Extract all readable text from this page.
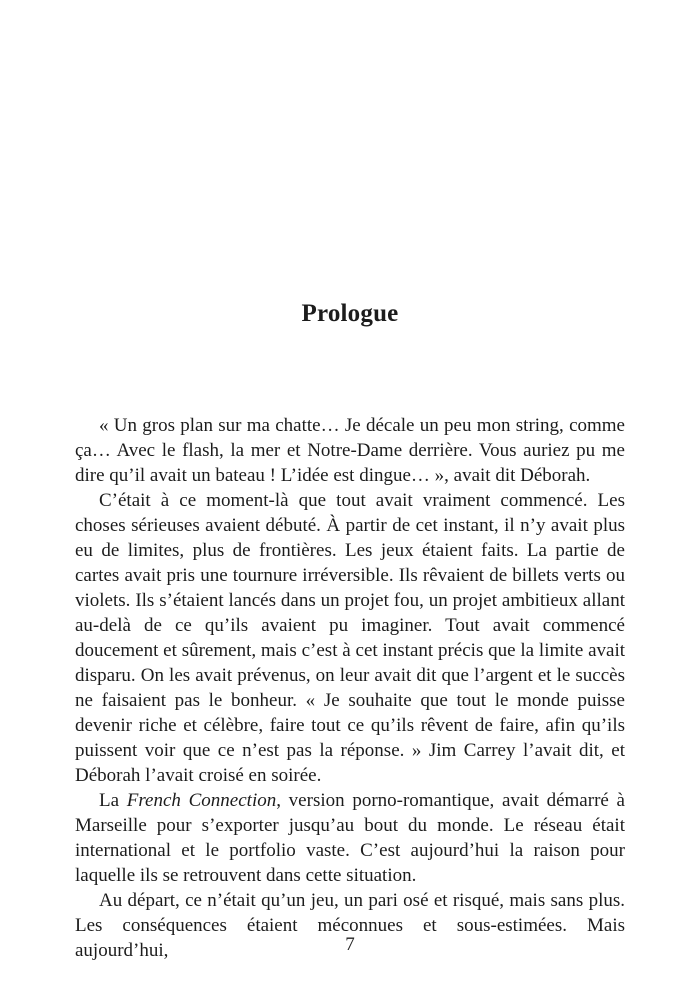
Prologue

« Un gros plan sur ma chatte… Je décale un peu mon string, comme ça… Avec le flash, la mer et Notre-Dame derrière. Vous auriez pu me dire qu’il avait un bateau ! L’idée est dingue… », avait dit Déborah.

C’était à ce moment-là que tout avait vraiment commencé. Les choses sérieuses avaient débuté. À partir de cet instant, il n’y avait plus eu de limites, plus de frontières. Les jeux étaient faits. La partie de cartes avait pris une tournure irréversible. Ils rêvaient de billets verts ou violets. Ils s’étaient lancés dans un projet fou, un projet ambitieux allant au-delà de ce qu’ils avaient pu imaginer. Tout avait commencé doucement et sûrement, mais c’est à cet instant précis que la limite avait disparu. On les avait prévenus, on leur avait dit que l’argent et le succès ne faisaient pas le bonheur. « Je souhaite que tout le monde puisse devenir riche et célèbre, faire tout ce qu’ils rêvent de faire, afin qu’ils puissent voir que ce n’est pas la réponse. » Jim Carrey l’avait dit, et Déborah l’avait croisé en soirée.

La French Connection, version porno-romantique, avait démarré à Marseille pour s’exporter jusqu’au bout du monde. Le réseau était international et le portfolio vaste. C’est aujourd’hui la raison pour laquelle ils se retrouvent dans cette situation.

Au départ, ce n’était qu’un jeu, un pari osé et risqué, mais sans plus. Les conséquences étaient méconnues et sous-estimées. Mais aujourd’hui,	7
